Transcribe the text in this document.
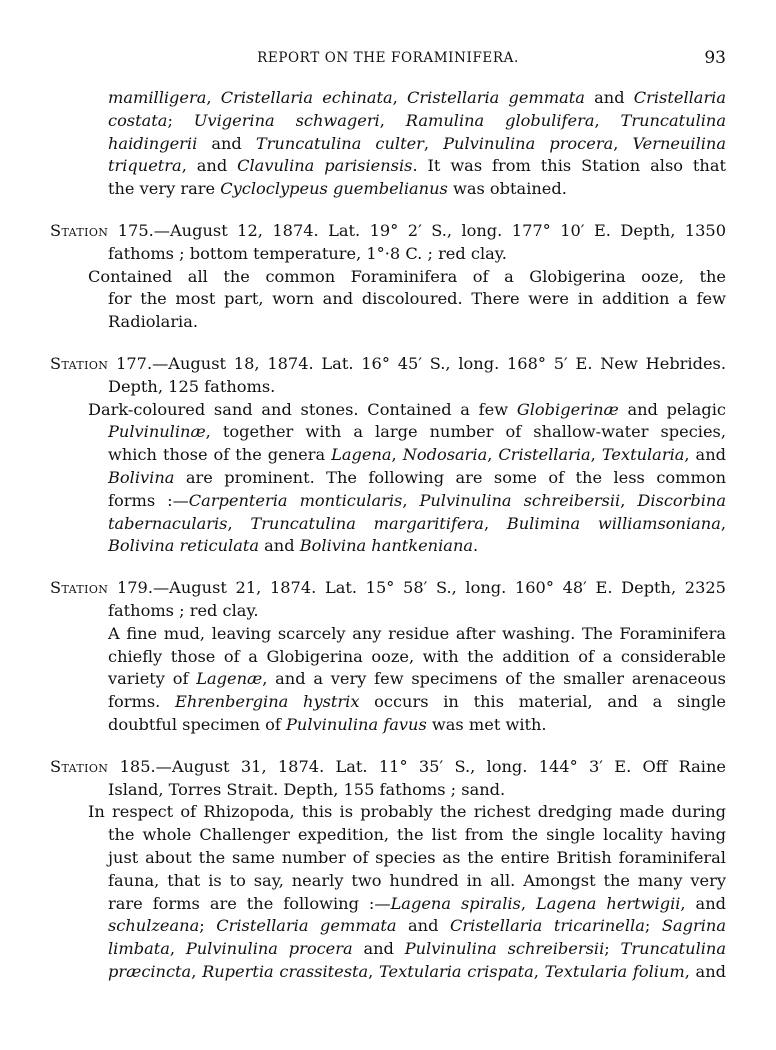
REPORT ON THE FORAMINIFERA.	93
mamilligera, Cristellaria echinata, Cristellaria gemmata and Cristellaria
costata; Uvigerina schwageri, Ramulina globulifera, Truncatulina
haidingerii and Truncatulina culter, Pulvinulina procera, Verneuilina
triquetra, and Clavulina parisiensis. It was from this Station also that
the very rare Cycloclypeus guembelianus was obtained.
Station 175.—August 12, 1874. Lat. 19° 2′ S., long. 177° 10′ E. Depth, 1350
fathoms ; bottom temperature, 1°·8 C. ; red clay.
Contained all the common Foraminifera of a Globigerina ooze, the
for the most part, worn and discoloured. There were in addition a few
Radiolaria.
Station 177.—August 18, 1874. Lat. 16° 45′ S., long. 168° 5′ E. New Hebrides.
Depth, 125 fathoms.
Dark-coloured sand and stones. Contained a few Globigerinæ and pelagic
Pulvinulinæ, together with a large number of shallow-water species,
which those of the genera Lagena, Nodosaria, Cristellaria, Textularia, and
Bolivina are prominent. The following are some of the less common
forms :—Carpenteria monticularis, Pulvinulina schreibersii, Discorbina
tabernacularis, Truncatulina margaritifera, Bulimina williamsoniana,
Bolivina reticulata and Bolivina hantkeniana.
Station 179.—August 21, 1874. Lat. 15° 58′ S., long. 160° 48′ E. Depth, 2325
fathoms ; red clay.
A fine mud, leaving scarcely any residue after washing. The Foraminifera
chiefly those of a Globigerina ooze, with the addition of a considerable
variety of Lagenæ, and a very few specimens of the smaller arenaceous
forms. Ehrenbergina hystrix occurs in this material, and a single
doubtful specimen of Pulvinulina favus was met with.
Station 185.—August 31, 1874. Lat. 11° 35′ S., long. 144° 3′ E. Off Raine
Island, Torres Strait. Depth, 155 fathoms ; sand.
In respect of Rhizopoda, this is probably the richest dredging made during
the whole Challenger expedition, the list from the single locality having
just about the same number of species as the entire British foraminiferal
fauna, that is to say, nearly two hundred in all. Amongst the many very
rare forms are the following :—Lagena spiralis, Lagena hertwigii, and
schulzeana; Cristellaria gemmata and Cristellaria tricarinella; Sagrina
limbata, Pulvinulina procera and Pulvinulina schreibersii; Truncatulina
præcincta, Rupertia crassitesta, Textularia crispata, Textularia folium, and
